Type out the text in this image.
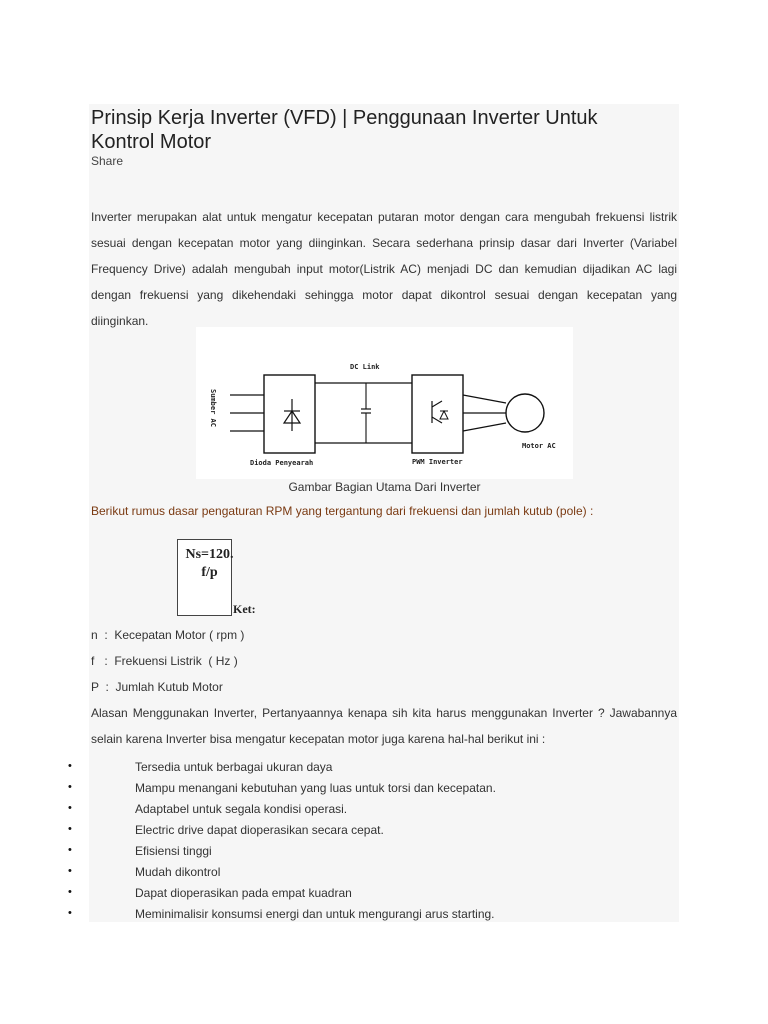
Prinsip Kerja Inverter (VFD) | Penggunaan Inverter Untuk Kontrol Motor
Share

Inverter merupakan alat untuk mengatur kecepatan putaran motor dengan cara mengubah frekuensi listrik sesuai dengan kecepatan motor yang diinginkan. Secara sederhana prinsip dasar dari Inverter (Variabel Frequency Drive) adalah mengubah input motor(Listrik AC) menjadi DC dan kemudian dijadikan AC lagi dengan frekuensi yang dikehendaki sehingga motor dapat dikontrol sesuai dengan kecepatan yang diinginkan.

Sumber AC
DC Link
Dioda Penyearah	PWM Inverter
Motor AC
Gambar Bagian Utama Dari Inverter
Berikut rumus dasar pengaturan RPM yang tergantung dari frekuensi dan jumlah kutub (pole) :
Ns=120.
f/p
Ket:
n  :  Kecepatan Motor ( rpm )
f   :  Frekuensi Listrik  ( Hz )
P  :  Jumlah Kutub Motor

Alasan Menggunakan Inverter, Pertanyaannya kenapa sih kita harus menggunakan Inverter ? Jawabannya selain karena Inverter bisa mengatur kecepatan motor juga karena hal-hal berikut ini :

•	Tersedia untuk berbagai ukuran daya
•	Mampu menangani kebutuhan yang luas untuk torsi dan kecepatan.
•	Adaptabel untuk segala kondisi operasi.
•	Electric drive dapat dioperasikan secara cepat.
•	Efisiensi tinggi
•	Mudah dikontrol
•	Dapat dioperasikan pada empat kuadran
•	Meminimalisir konsumsi energi dan untuk mengurangi arus starting.
